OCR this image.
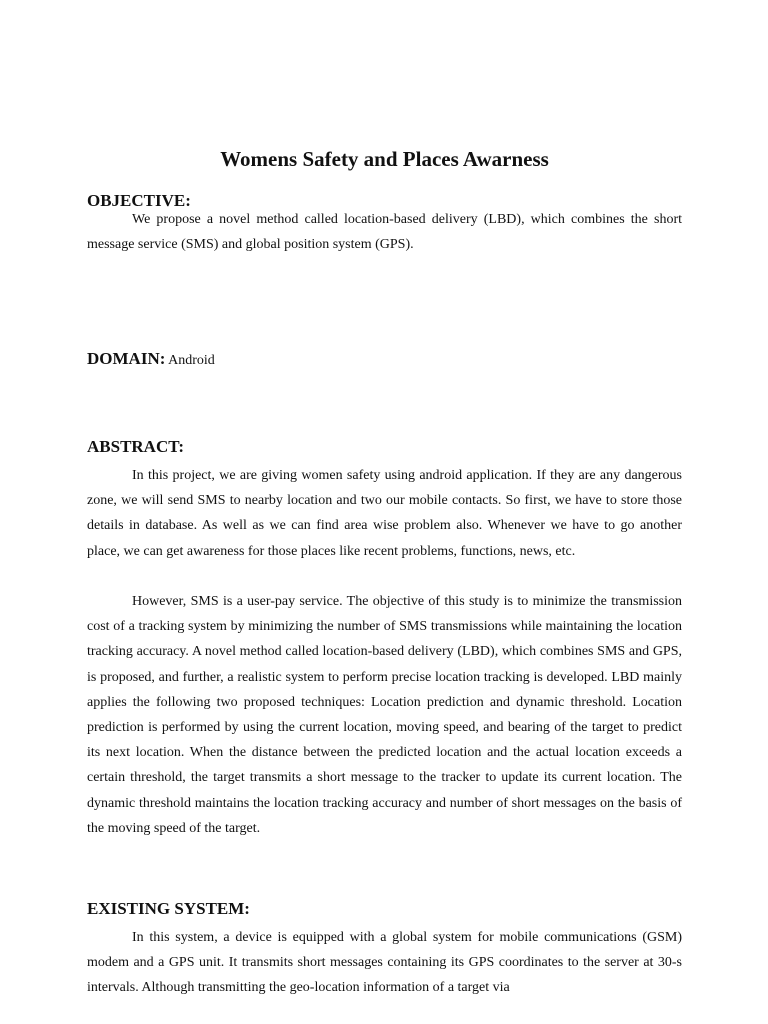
Womens Safety and Places Awarness
OBJECTIVE:
We propose a novel method called location-based delivery (LBD), which combines the short message service (SMS) and global position system (GPS).
DOMAIN: Android
ABSTRACT:
In this project, we are giving women safety using android application. If they are any dangerous zone, we will send SMS to nearby location and two our mobile contacts. So first, we have to store those details in database. As well as we can find area wise problem also. Whenever we have to go another place, we can get awareness for those places like recent problems, functions, news, etc.
However, SMS is a user-pay service. The objective of this study is to minimize the transmission cost of a tracking system by minimizing the number of SMS transmissions while maintaining the location tracking accuracy. A novel method called location-based delivery (LBD), which combines SMS and GPS, is proposed, and further, a realistic system to perform precise location tracking is developed. LBD mainly applies the following two proposed techniques: Location prediction and dynamic threshold. Location prediction is performed by using the current location, moving speed, and bearing of the target to predict its next location. When the distance between the predicted location and the actual location exceeds a certain threshold, the target transmits a short message to the tracker to update its current location. The dynamic threshold maintains the location tracking accuracy and number of short messages on the basis of the moving speed of the target.
EXISTING SYSTEM:
In this system, a device is equipped with a global system for mobile communications (GSM) modem and a GPS unit. It transmits short messages containing its GPS coordinates to the server at 30-s intervals. Although transmitting the geo-location information of a target via
